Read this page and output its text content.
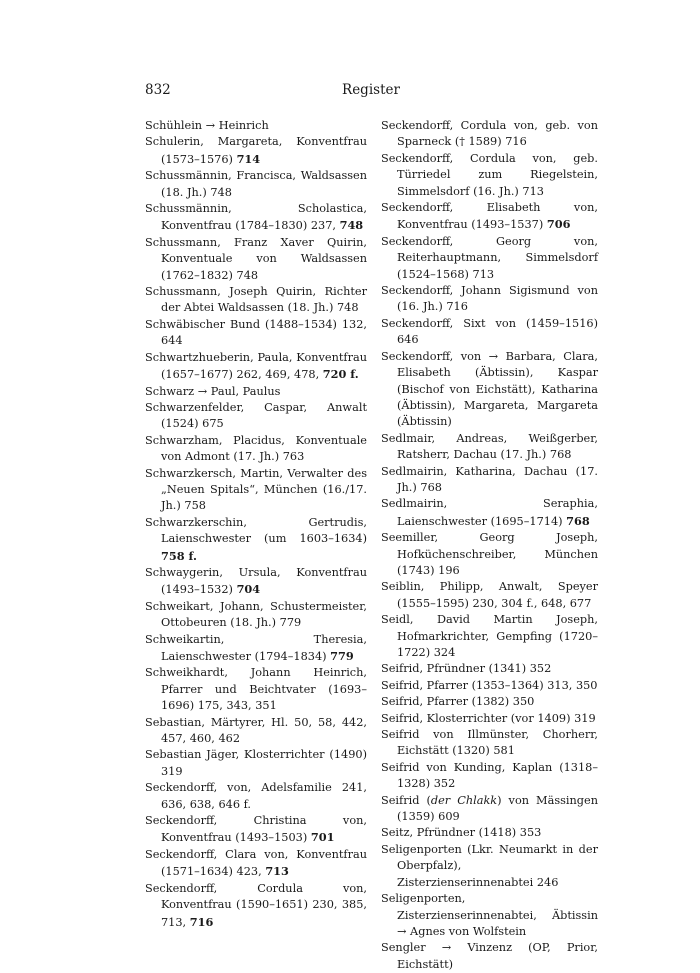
832	Register

Schühlein → Heinrich

Schulerin, Margareta, Konventfrau (1573–1576) 714

Schussmännin, Francisca, Waldsassen (18. Jh.) 748

Schussmännin, Scholastica, Konventfrau (1784–1830) 237, 748

Schussmann, Franz Xaver Quirin, Konventuale von Waldsassen (1762–1832) 748

Schussmann, Joseph Quirin, Richter der Abtei Waldsassen (18. Jh.) 748

Schwäbischer Bund (1488–1534) 132, 644

Schwartzhueberin, Paula, Konventfrau (1657–1677) 262, 469, 478, 720 f.

Schwarz → Paul, Paulus

Schwarzenfelder, Caspar, Anwalt (1524) 675

Schwarzham, Placidus, Konventuale von Admont (17. Jh.) 763

Schwarzkersch, Martin, Verwalter des „Neuen Spitals“, München (16./17. Jh.) 758

Schwarzkerschin, Gertrudis, Laienschwester (um 1603–1634) 758 f.

Schwaygerin, Ursula, Konventfrau (1493–1532) 704

Schweikart, Johann, Schustermeister, Ottobeuren (18. Jh.) 779

Schweikartin, Theresia, Laienschwester (1794–1834) 779

Schweikhardt, Johann Heinrich, Pfarrer und Beichtvater (1693–1696) 175, 343, 351

Sebastian, Märtyrer, Hl. 50, 58, 442, 457, 460, 462

Sebastian Jäger, Klosterrichter (1490) 319

Seckendorff, von, Adelsfamilie 241, 636, 638, 646 f.

Seckendorff, Christina von, Konventfrau (1493–1503) 701

Seckendorff, Clara von, Konventfrau (1571–1634) 423, 713

Seckendorff, Cordula von, Konventfrau (1590–1651) 230, 385, 713, 716

Seckendorff, Cordula von, geb. von Sparneck († 1589) 716

Seckendorff, Cordula von, geb. Türriedel zum Riegelstein, Simmelsdorf (16. Jh.) 713

Seckendorff, Elisabeth von, Konventfrau (1493–1537) 706

Seckendorff, Georg von, Reiterhauptmann, Simmelsdorf (1524–1568) 713

Seckendorff, Johann Sigismund von (16. Jh.) 716

Seckendorff, Sixt von (1459–1516) 646

Seckendorff, von → Barbara, Clara, Elisabeth (Äbtissin), Kaspar (Bischof von Eichstätt), Katharina (Äbtissin), Margareta, Margareta (Äbtissin)

Sedlmair, Andreas, Weißgerber, Ratsherr, Dachau (17. Jh.) 768

Sedlmairin, Katharina, Dachau (17. Jh.) 768

Sedlmairin, Seraphia, Laienschwester (1695–1714) 768

Seemiller, Georg Joseph, Hofküchenschreiber, München (1743) 196

Seiblin, Philipp, Anwalt, Speyer (1555–1595) 230, 304 f., 648, 677

Seidl, David Martin Joseph, Hofmarkrichter, Gempfing (1720–1722) 324

Seifrid, Pfründner (1341) 352

Seifrid, Pfarrer (1353–1364) 313, 350

Seifrid, Pfarrer (1382) 350

Seifrid, Klosterrichter (vor 1409) 319

Seifrid von Illmünster, Chorherr, Eichstätt (1320) 581

Seifrid von Kunding, Kaplan (1318–1328) 352

Seifrid (der Chlakk) von Mässingen (1359) 609

Seitz, Pfründner (1418) 353

Seligenporten (Lkr. Neumarkt in der Oberpfalz), Zisterzienserinnenabtei 246

Seligenporten, Zisterzienserinnenabtei, Äbtissin → Agnes von Wolfstein

Sengler → Vinzenz (OP, Prior, Eichstätt)
